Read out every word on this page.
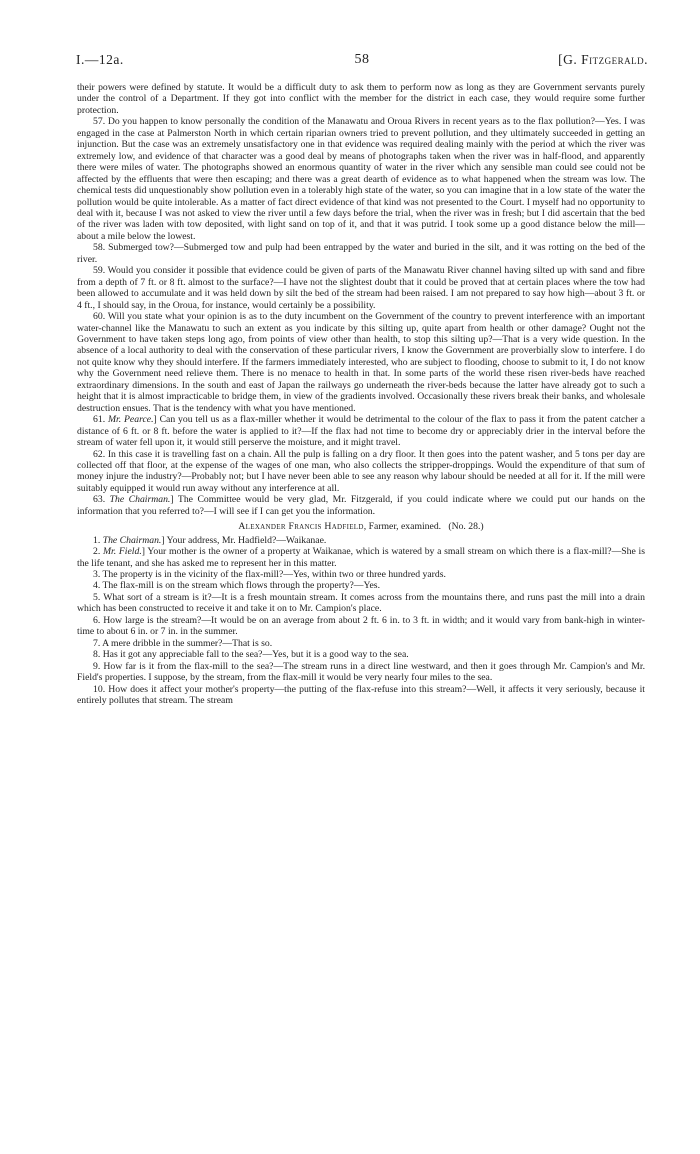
I.—12a.	58	[G. Fitzgerald.

their powers were defined by statute. It would be a difficult duty to ask them to perform now as long as they are Government servants purely under the control of a Department. If they got into conflict with the member for the district in each case, they would require some further protection.

57. Do you happen to know personally the condition of the Manawatu and Oroua Rivers in recent years as to the flax pollution?—Yes. I was engaged in the case at Palmerston North in which certain riparian owners tried to prevent pollution, and they ultimately succeeded in getting an injunction. But the case was an extremely unsatisfactory one in that evidence was required dealing mainly with the period at which the river was extremely low, and evidence of that character was a good deal by means of photographs taken when the river was in half-flood, and apparently there were miles of water. The photographs showed an enormous quantity of water in the river which any sensible man could see could not be affected by the effluents that were then escaping; and there was a great dearth of evidence as to what happened when the stream was low. The chemical tests did unquestionably show pollution even in a tolerably high state of the water, so you can imagine that in a low state of the water the pollution would be quite intolerable. As a matter of fact direct evidence of that kind was not presented to the Court. I myself had no opportunity to deal with it, because I was not asked to view the river until a few days before the trial, when the river was in fresh; but I did ascertain that the bed of the river was laden with tow deposited, with light sand on top of it, and that it was putrid. I took some up a good distance below the mill—about a mile below the lowest.

58. Submerged tow?—Submerged tow and pulp had been entrapped by the water and buried in the silt, and it was rotting on the bed of the river.

59. Would you consider it possible that evidence could be given of parts of the Manawatu River channel having silted up with sand and fibre from a depth of 7 ft. or 8 ft. almost to the surface?—I have not the slightest doubt that it could be proved that at certain places where the tow had been allowed to accumulate and it was held down by silt the bed of the stream had been raised. I am not prepared to say how high—about 3 ft. or 4 ft., I should say, in the Oroua, for instance, would certainly be a possibility.

60. Will you state what your opinion is as to the duty incumbent on the Government of the country to prevent interference with an important water-channel like the Manawatu to such an extent as you indicate by this silting up, quite apart from health or other damage? Ought not the Government to have taken steps long ago, from points of view other than health, to stop this silting up?—That is a very wide question. In the absence of a local authority to deal with the conservation of these particular rivers, I know the Government are proverbially slow to interfere. I do not quite know why they should interfere. If the farmers immediately interested, who are subject to flooding, choose to submit to it, I do not know why the Government need relieve them. There is no menace to health in that. In some parts of the world these risen river-beds have reached extraordinary dimensions. In the south and east of Japan the railways go underneath the river-beds because the latter have already got to such a height that it is almost impracticable to bridge them, in view of the gradients involved. Occasionally these rivers break their banks, and wholesale destruction ensues. That is the tendency with what you have mentioned.

61. Mr. Pearce.] Can you tell us as a flax-miller whether it would be detrimental to the colour of the flax to pass it from the patent catcher a distance of 6 ft. or 8 ft. before the water is applied to it?—If the flax had not time to become dry or appreciably drier in the interval before the stream of water fell upon it, it would still perserve the moisture, and it might travel.

62. In this case it is travelling fast on a chain. All the pulp is falling on a dry floor. It then goes into the patent washer, and 5 tons per day are collected off that floor, at the expense of the wages of one man, who also collects the stripper-droppings. Would the expenditure of that sum of money injure the industry?—Probably not; but I have never been able to see any reason why labour should be needed at all for it. If the mill were suitably equipped it would run away without any interference at all.

63. The Chairman.] The Committee would be very glad, Mr. Fitzgerald, if you could indicate where we could put our hands on the information that you referred to?—I will see if I can get you the information.

Alexander Francis Hadfield, Farmer, examined. (No. 28.)

1. The Chairman.] Your address, Mr. Hadfield?—Waikanae.

2. Mr. Field.] Your mother is the owner of a property at Waikanae, which is watered by a small stream on which there is a flax-mill?—She is the life tenant, and she has asked me to represent her in this matter.

3. The property is in the vicinity of the flax-mill?—Yes, within two or three hundred yards.

4. The flax-mill is on the stream which flows through the property?—Yes.

5. What sort of a stream is it?—It is a fresh mountain stream. It comes across from the mountains there, and runs past the mill into a drain which has been constructed to receive it and take it on to Mr. Campion's place.

6. How large is the stream?—It would be on an average from about 2 ft. 6 in. to 3 ft. in width; and it would vary from bank-high in winter-time to about 6 in. or 7 in. in the summer.

7. A mere dribble in the summer?—That is so.

8. Has it got any appreciable fall to the sea?—Yes, but it is a good way to the sea.

9. How far is it from the flax-mill to the sea?—The stream runs in a direct line westward, and then it goes through Mr. Campion's and Mr. Field's properties. I suppose, by the stream, from the flax-mill it would be very nearly four miles to the sea.

10. How does it affect your mother's property—the putting of the flax-refuse into this stream?—Well, it affects it very seriously, because it entirely pollutes that stream. The stream
